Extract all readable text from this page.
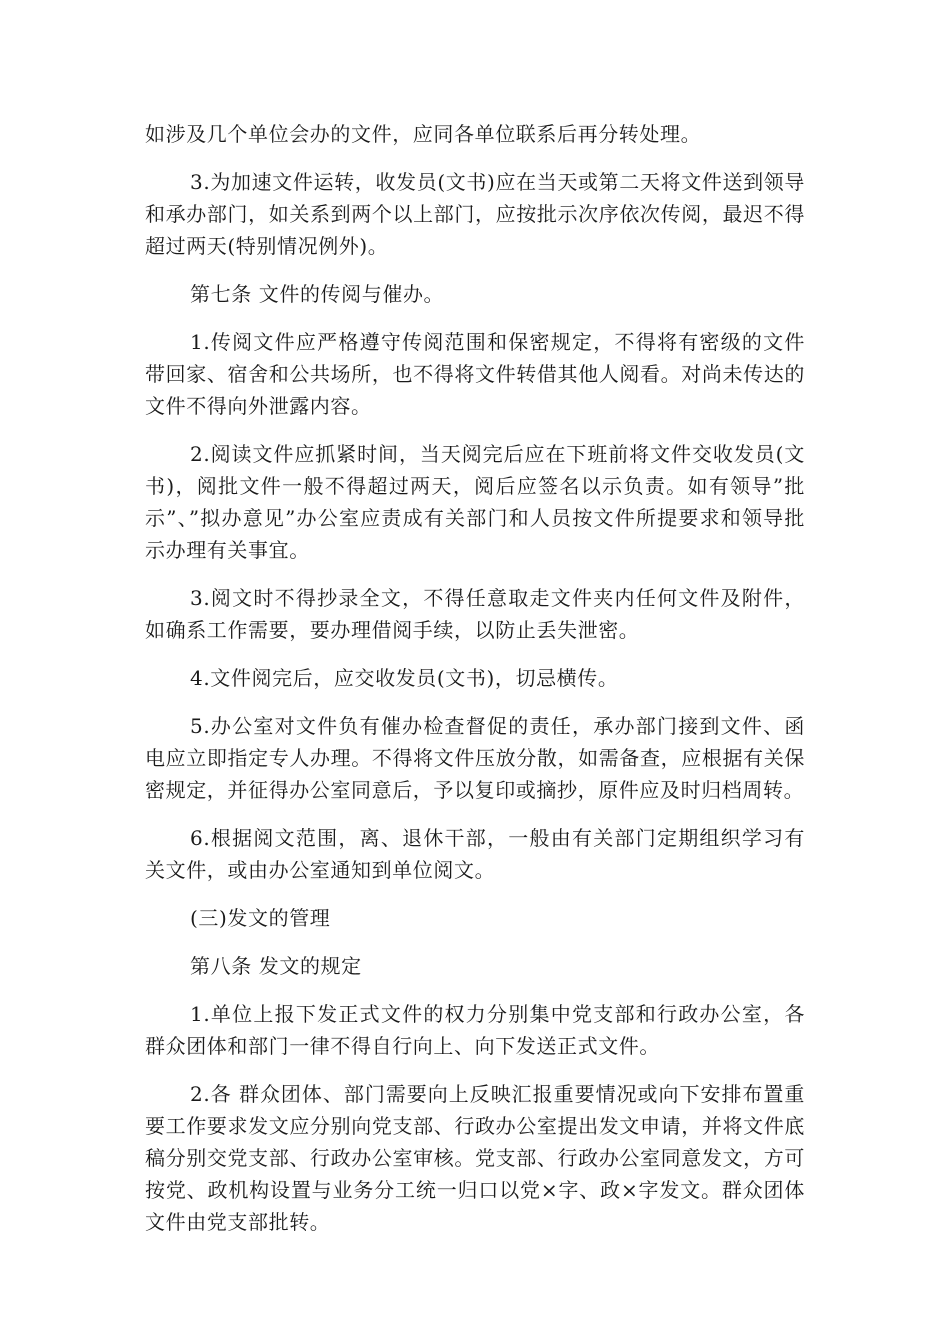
如涉及几个单位会办的文件，应同各单位联系后再分转处理。

3.为加速文件运转，收发员(文书)应在当天或第二天将文件送到领导和承办部门，如关系到两个以上部门，应按批示次序依次传阅，最迟不得超过两天(特别情况例外)。

第七条 文件的传阅与催办。

1.传阅文件应严格遵守传阅范围和保密规定，不得将有密级的文件带回家、宿舍和公共场所，也不得将文件转借其他人阅看。对尚未传达的文件不得向外泄露内容。

2.阅读文件应抓紧时间，当天阅完后应在下班前将文件交收发员(文书)，阅批文件一般不得超过两天，阅后应签名以示负责。如有领导”批示”、”拟办意见”办公室应责成有关部门和人员按文件所提要求和领导批示办理有关事宜。

3.阅文时不得抄录全文，不得任意取走文件夹内任何文件及附件，如确系工作需要，要办理借阅手续，以防止丢失泄密。

4.文件阅完后，应交收发员(文书)，切忌横传。

5.办公室对文件负有催办检查督促的责任，承办部门接到文件、函电应立即指定专人办理。不得将文件压放分散，如需备查，应根据有关保密规定，并征得办公室同意后，予以复印或摘抄，原件应及时归档周转。

6.根据阅文范围，离、退休干部，一般由有关部门定期组织学习有关文件，或由办公室通知到单位阅文。

(三)发文的管理

第八条 发文的规定

1.单位上报下发正式文件的权力分别集中党支部和行政办公室，各群众团体和部门一律不得自行向上、向下发送正式文件。

2.各 群众团体、部门需要向上反映汇报重要情况或向下安排布置重要工作要求发文应分别向党支部、行政办公室提出发文申请，并将文件底稿分别交党支部、行政办公室审核。党支部、行政办公室同意发文，方可按党、政机构设置与业务分工统一归口以党×字、政×字发文。群众团体文件由党支部批转。
